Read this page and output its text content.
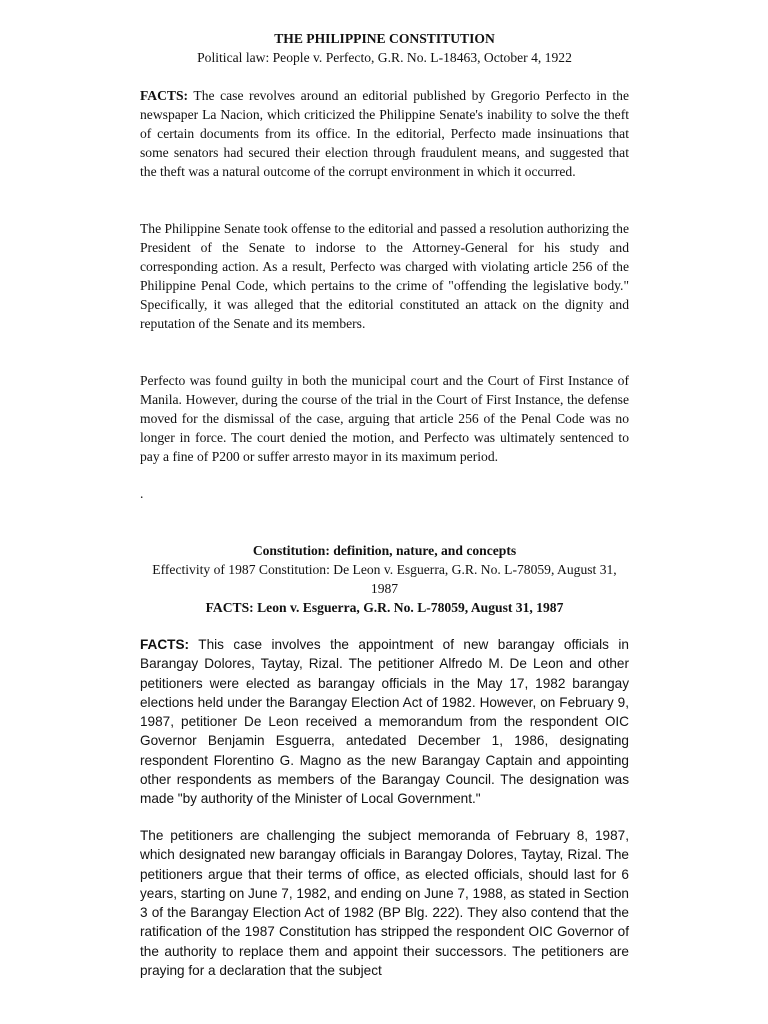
THE PHILIPPINE CONSTITUTION
Political law: People v. Perfecto, G.R. No. L-18463, October 4, 1922

FACTS: The case revolves around an editorial published by Gregorio Perfecto in the newspaper La Nacion, which criticized the Philippine Senate's inability to solve the theft of certain documents from its office. In the editorial, Perfecto made insinuations that some senators had secured their election through fraudulent means, and suggested that the theft was a natural outcome of the corrupt environment in which it occurred.

The Philippine Senate took offense to the editorial and passed a resolution authorizing the President of the Senate to indorse to the Attorney-General for his study and corresponding action. As a result, Perfecto was charged with violating article 256 of the Philippine Penal Code, which pertains to the crime of "offending the legislative body." Specifically, it was alleged that the editorial constituted an attack on the dignity and reputation of the Senate and its members.

Perfecto was found guilty in both the municipal court and the Court of First Instance of Manila. However, during the course of the trial in the Court of First Instance, the defense moved for the dismissal of the case, arguing that article 256 of the Penal Code was no longer in force. The court denied the motion, and Perfecto was ultimately sentenced to pay a fine of P200 or suffer arresto mayor in its maximum period.

.
Constitution: definition, nature, and concepts
Effectivity of 1987 Constitution: De Leon v. Esguerra, G.R. No. L-78059, August 31, 1987
FACTS: Leon v. Esguerra, G.R. No. L-78059, August 31, 1987

FACTS: This case involves the appointment of new barangay officials in Barangay Dolores, Taytay, Rizal. The petitioner Alfredo M. De Leon and other petitioners were elected as barangay officials in the May 17, 1982 barangay elections held under the Barangay Election Act of 1982. However, on February 9, 1987, petitioner De Leon received a memorandum from the respondent OIC Governor Benjamin Esguerra, antedated December 1, 1986, designating respondent Florentino G. Magno as the new Barangay Captain and appointing other respondents as members of the Barangay Council. The designation was made "by authority of the Minister of Local Government."

The petitioners are challenging the subject memoranda of February 8, 1987, which designated new barangay officials in Barangay Dolores, Taytay, Rizal. The petitioners argue that their terms of office, as elected officials, should last for 6 years, starting on June 7, 1982, and ending on June 7, 1988, as stated in Section 3 of the Barangay Election Act of 1982 (BP Blg. 222). They also contend that the ratification of the 1987 Constitution has stripped the respondent OIC Governor of the authority to replace them and appoint their successors. The petitioners are praying for a declaration that the subject
